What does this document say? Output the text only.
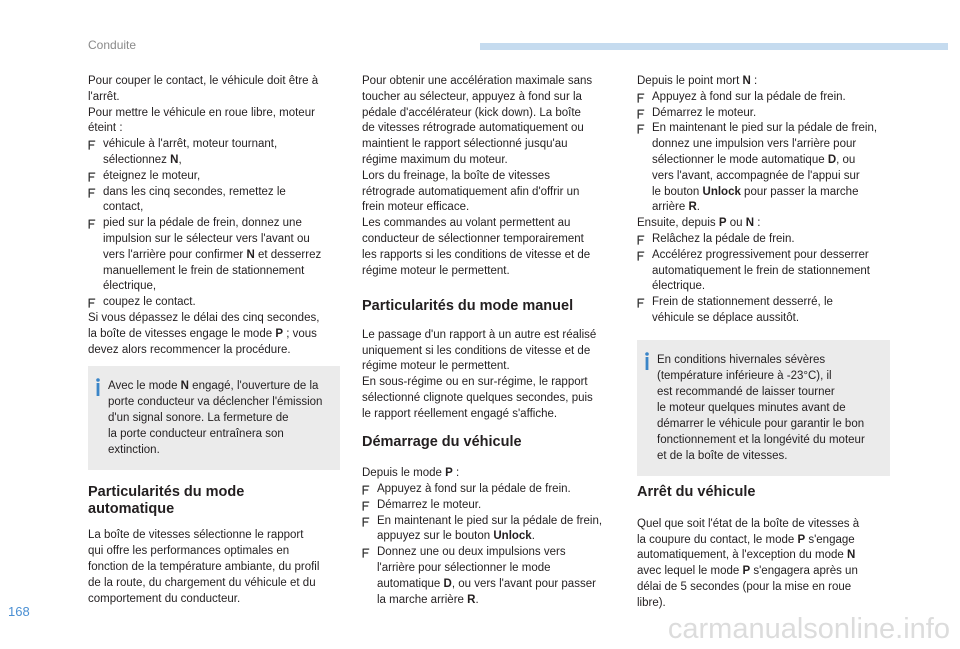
Conduite

Pour couper le contact, le véhicule doit être à
l'arrêt.
Pour mettre le véhicule en roue libre, moteur
éteint :

véhicule à l'arrêt, moteur tournant,
sélectionnez N,
éteignez le moteur,
dans les cinq secondes, remettez le
contact,
pied sur la pédale de frein, donnez une
impulsion sur le sélecteur vers l'avant ou
vers l'arrière pour confirmer N et desserrez
manuellement le frein de stationnement
électrique,
coupez le contact.

Si vous dépassez le délai des cinq secondes,
la boîte de vitesses engage le mode P ; vous
devez alors recommencer la procédure.

Avec le mode N engagé, l'ouverture de la
porte conducteur va déclencher l'émission
d'un signal sonore. La fermeture de
la porte conducteur entraînera son
extinction.

Particularités du mode
automatique

La boîte de vitesses sélectionne le rapport
qui offre les performances optimales en
fonction de la température ambiante, du profil
de la route, du chargement du véhicule et du
comportement du conducteur.

Pour obtenir une accélération maximale sans
toucher au sélecteur, appuyez à fond sur la
pédale d'accélérateur (kick down). La boîte
de vitesses rétrograde automatiquement ou
maintient le rapport sélectionné jusqu'au
régime maximum du moteur.
Lors du freinage, la boîte de vitesses
rétrograde automatiquement afin d'offrir un
frein moteur efficace.
Les commandes au volant permettent au
conducteur de sélectionner temporairement
les rapports si les conditions de vitesse et de
régime moteur le permettent.

Particularités du mode manuel

Le passage d'un rapport à un autre est réalisé
uniquement si les conditions de vitesse et de
régime moteur le permettent.
En sous-régime ou en sur-régime, le rapport
sélectionné clignote quelques secondes, puis
le rapport réellement engagé s'affiche.

Démarrage du véhicule

Depuis le mode P :

Appuyez à fond sur la pédale de frein.
Démarrez le moteur.
En maintenant le pied sur la pédale de frein,
appuyez sur le bouton Unlock.
Donnez une ou deux impulsions vers
l'arrière pour sélectionner le mode
automatique D, ou vers l'avant pour passer
la marche arrière R.

Depuis le point mort N :

Appuyez à fond sur la pédale de frein.
Démarrez le moteur.
En maintenant le pied sur la pédale de frein,
donnez une impulsion vers l'arrière pour
sélectionner le mode automatique D, ou
vers l'avant, accompagnée de l'appui sur
le bouton Unlock pour passer la marche
arrière R.

Ensuite, depuis P ou N :

Relâchez la pédale de frein.
Accélérez progressivement pour desserrer
automatiquement le frein de stationnement
électrique.
Frein de stationnement desserré, le
véhicule se déplace aussitôt.

En conditions hivernales sévères
(température inférieure à -23°C), il
est recommandé de laisser tourner
le moteur quelques minutes avant de
démarrer le véhicule pour garantir le bon
fonctionnement et la longévité du moteur
et de la boîte de vitesses.

Arrêt du véhicule

Quel que soit l'état de la boîte de vitesses à
la coupure du contact, le mode P s'engage
automatiquement, à l'exception du mode N
avec lequel le mode P s'engagera après un
délai de 5 secondes (pour la mise en roue
libre).

168
carmanualsonline.info
